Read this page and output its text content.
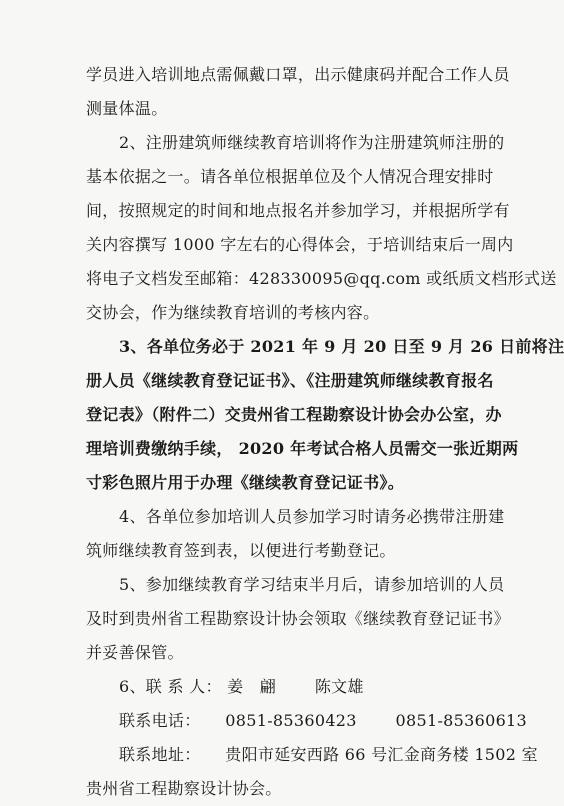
学员进入培训地点需佩戴口罩，出示健康码并配合工作人员
测量体温。
2、注册建筑师继续教育培训将作为注册建筑师注册的
基本依据之一。请各单位根据单位及个人情况合理安排时
间，按照规定的时间和地点报名并参加学习，并根据所学有
关内容撰写 1000 字左右的心得体会，于培训结束后一周内
将电子文档发至邮箱：428330095@qq.com 或纸质文档形式送
交协会，作为继续教育培训的考核内容。
3、各单位务必于 2021 年 9 月 20 日至 9 月 26 日前将注
册人员《继续教育登记证书》、《注册建筑师继续教育报名
登记表》（附件二）交贵州省工程勘察设计协会办公室，办
理培训费缴纳手续， 2020 年考试合格人员需交一张近期两
寸彩色照片用于办理《继续教育登记证书》。
4、各单位参加培训人员参加学习时请务必携带注册建
筑师继续教育签到表，以便进行考勤登记。
5、参加继续教育学习结束半月后，请参加培训的人员
及时到贵州省工程勘察设计协会领取《继续教育登记证书》
并妥善保管。
6、联 系 人： 姜　翩 陈文雄
联系电话： 0851-85360423 0851-85360613
联系地址： 贵阳市延安西路 66 号汇金商务楼 1502 室
贵州省工程勘察设计协会。
